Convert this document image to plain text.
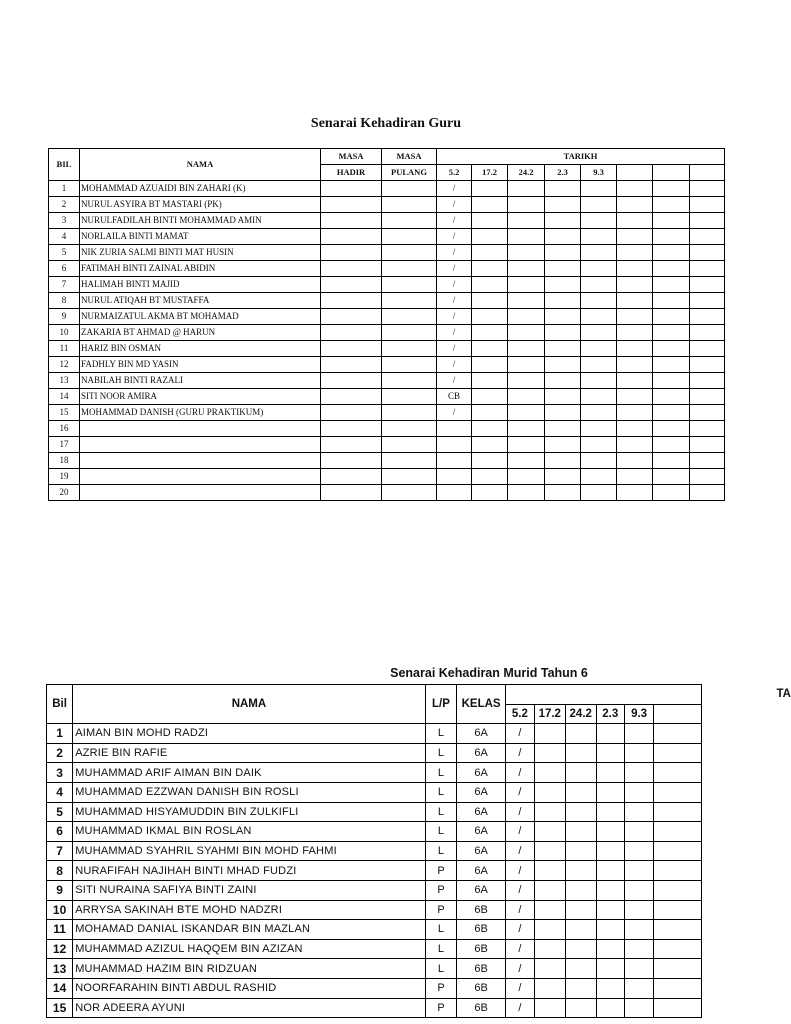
Senarai Kehadiran Guru
BIL	NAMA	MASA	MASA	TARIKH							
		HADIR	PULANG	5.2	17.2	24.2	2.3	9.3			
1	MOHAMMAD AZUAIDI BIN ZAHARI (K)			/							
2	NURUL ASYIRA BT MASTARI (PK)			/							
3	NURULFADILAH BINTI MOHAMMAD AMIN			/							
4	NORLAILA BINTI MAMAT			/							
5	NIK ZURIA SALMI BINTI MAT HUSIN			/							
6	FATIMAH BINTI ZAINAL ABIDIN			/							
7	HALIMAH BINTI MAJID			/							
8	NURUL ATIQAH BT MUSTAFFA			/							
9	NURMAIZATUL AKMA BT MOHAMAD			/							
10	ZAKARIA BT AHMAD @ HARUN			/							
11	HARIZ BIN OSMAN			/							
12	FADHLY BIN MD YASIN			/							
13	NABILAH BINTI RAZALI			/							
14	SITI NOOR AMIRA			CB							
15	MOHAMMAD DANISH (GURU PRAKTIKUM)			/							
16											
17											
18											
19											
20											
Senarai Kehadiran Murid Tahun 6
Bil	NAMA	L/P	KELAS	TA					
				5.2	17.2	24.2	2.3	9.3	
1	AIMAN BIN MOHD RADZI	L	6A	/					
2	AZRIE BIN RAFIE	L	6A	/					
3	MUHAMMAD ARIF AIMAN BIN DAIK	L	6A	/					
4	MUHAMMAD EZZWAN DANISH BIN ROSLI	L	6A	/					
5	MUHAMMAD HISYAMUDDIN BIN ZULKIFLI	L	6A	/					
6	MUHAMMAD IKMAL BIN ROSLAN	L	6A	/					
7	MUHAMMAD SYAHRIL SYAHMI BIN MOHD FAHMI	L	6A	/					
8	NURAFIFAH NAJIHAH BINTI MHAD FUDZI	P	6A	/					
9	SITI NURAINA SAFIYA BINTI ZAINI	P	6A	/					
10	ARRYSA SAKINAH BTE MOHD NADZRI	P	6B	/					
11	MOHAMAD DANIAL ISKANDAR BIN MAZLAN	L	6B	/					
12	MUHAMMAD AZIZUL HAQQEM BIN AZIZAN	L	6B	/					
13	MUHAMMAD HAZIM BIN RIDZUAN	L	6B	/					
14	NOORFARAHIN BINTI ABDUL RASHID	P	6B	/					
15	NOR ADEERA AYUNI	P	6B	/					
